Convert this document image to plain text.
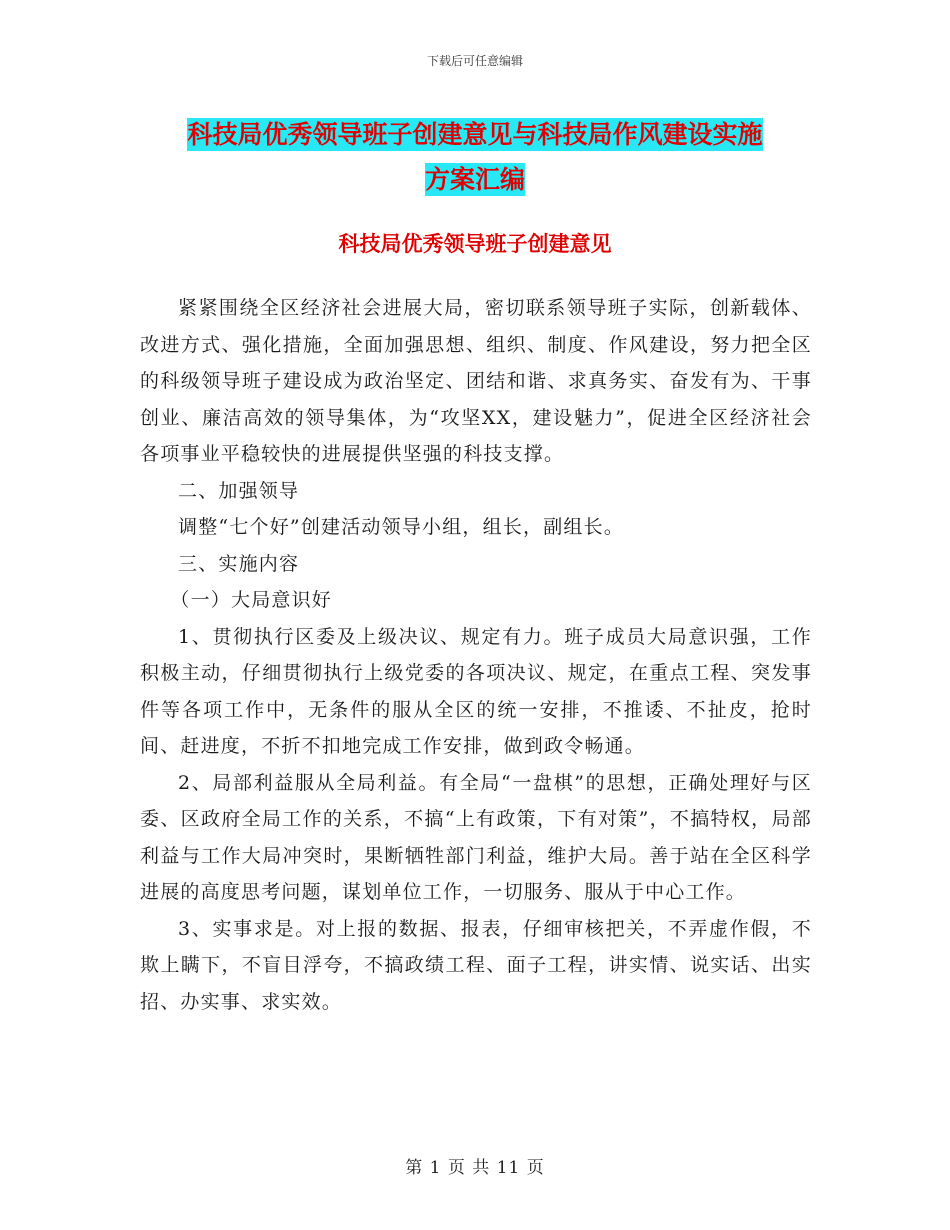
下载后可任意编辑
科技局优秀领导班子创建意见与科技局作风建设实施
方案汇编
科技局优秀领导班子创建意见

紧紧围绕全区经济社会进展大局，密切联系领导班子实际，创新载体、改进方式、强化措施，全面加强思想、组织、制度、作风建设，努力把全区的科级领导班子建设成为政治坚定、团结和谐、求真务实、奋发有为、干事创业、廉洁高效的领导集体，为“攻坚XX，建设魅力”，促进全区经济社会各项事业平稳较快的进展提供坚强的科技支撑。

二、加强领导

调整“七个好”创建活动领导小组，组长，副组长。

三、实施内容

（一）大局意识好

1、贯彻执行区委及上级决议、规定有力。班子成员大局意识强，工作积极主动，仔细贯彻执行上级党委的各项决议、规定，在重点工程、突发事件等各项工作中，无条件的服从全区的统一安排，不推诿、不扯皮，抢时间、赶进度，不折不扣地完成工作安排，做到政令畅通。

2、局部利益服从全局利益。有全局“一盘棋”的思想，正确处理好与区委、区政府全局工作的关系，不搞“上有政策，下有对策”，不搞特权，局部利益与工作大局冲突时，果断牺牲部门利益，维护大局。善于站在全区科学进展的高度思考问题，谋划单位工作，一切服务、服从于中心工作。

3、实事求是。对上报的数据、报表，仔细审核把关，不弄虚作假，不欺上瞒下，不盲目浮夸，不搞政绩工程、面子工程，讲实情、说实话、出实招、办实事、求实效。

第 1 页 共 11 页
